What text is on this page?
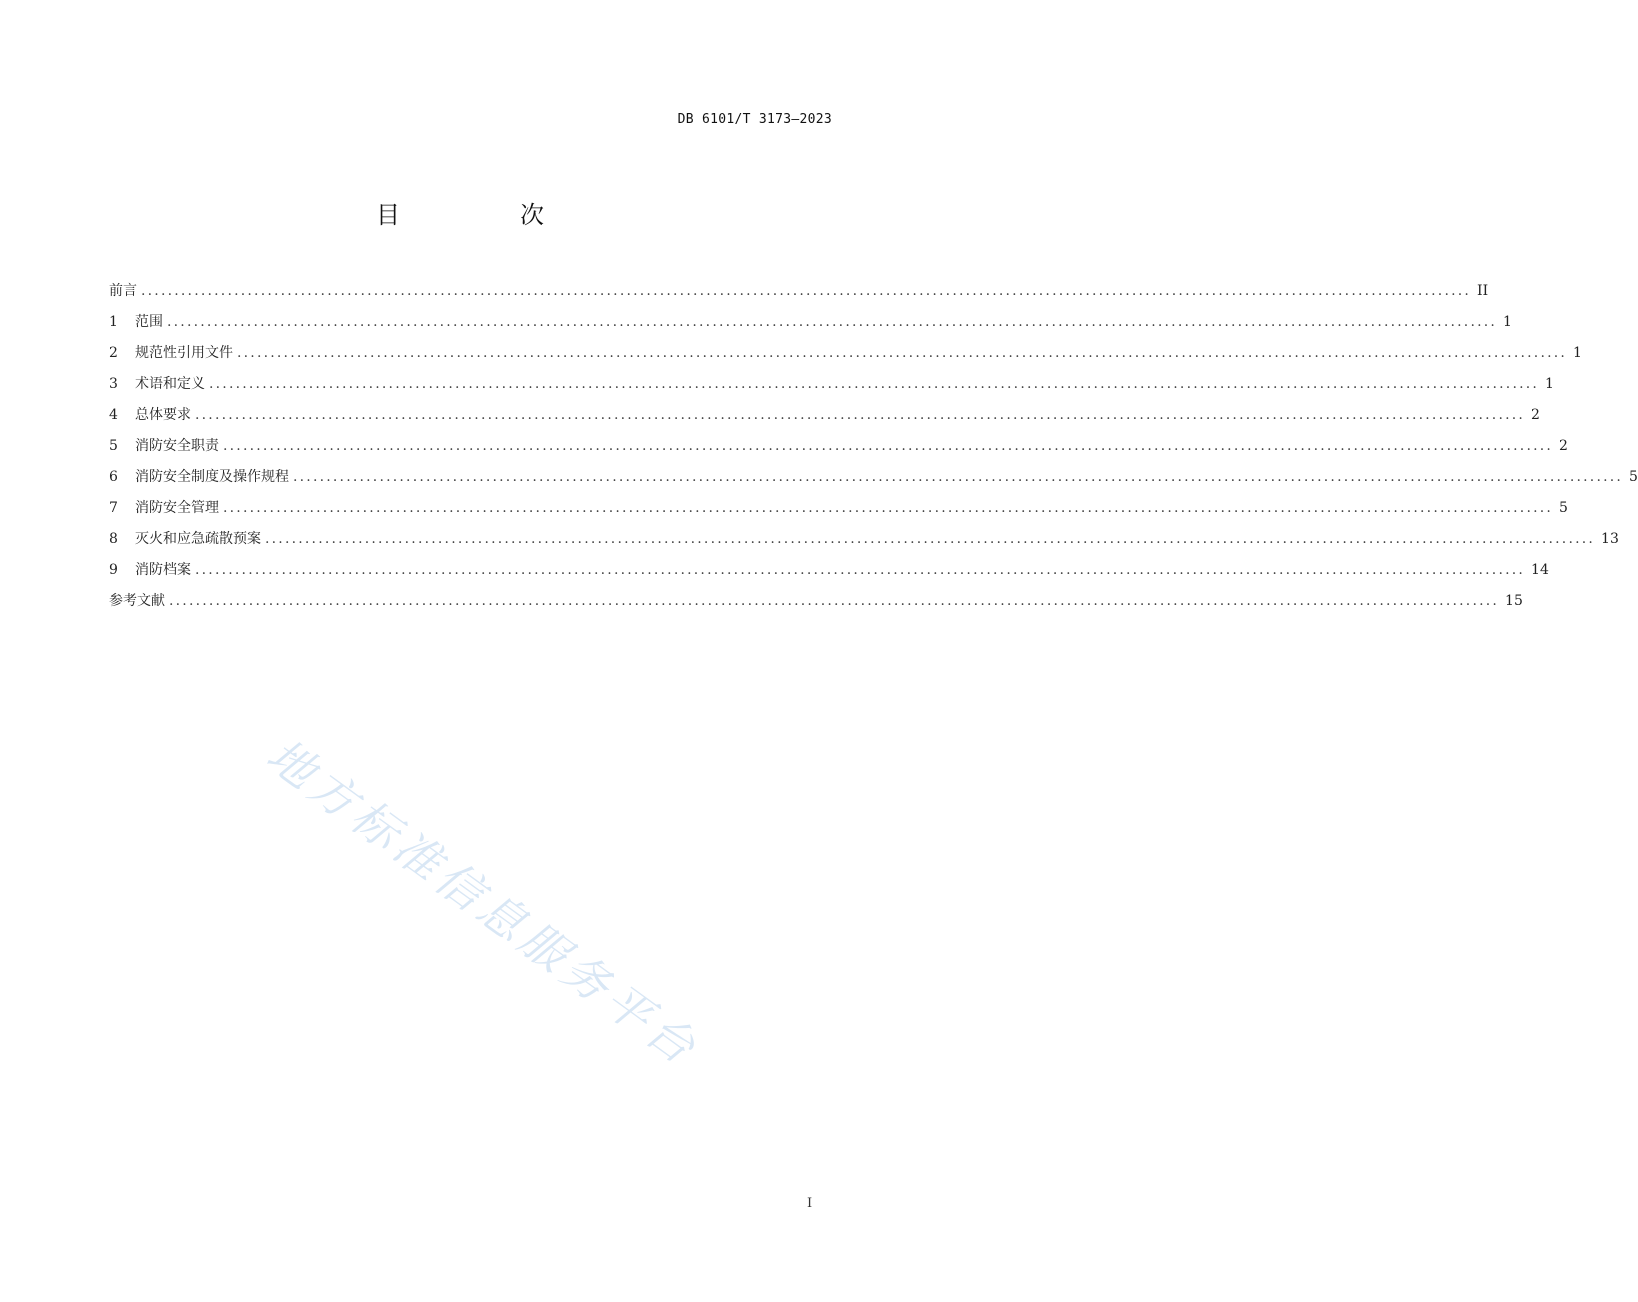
DB 6101/T 3173—2023
目　次
前言 ........................................................................................................................................................................................................ II
1	范围 ........................................................................................................................................................................................................ 1
2	规范性引用文件 ........................................................................................................................................................................................................ 1
3	术语和定义 ........................................................................................................................................................................................................ 1
4	总体要求 ........................................................................................................................................................................................................ 2
5	消防安全职责 ........................................................................................................................................................................................................ 2
6	消防安全制度及操作规程 ........................................................................................................................................................................................................ 5
7	消防安全管理 ........................................................................................................................................................................................................ 5
8	灭火和应急疏散预案 ........................................................................................................................................................................................................ 13
9	消防档案 ........................................................................................................................................................................................................ 14
参考文献 ........................................................................................................................................................................................................ 15
地方标准信息服务平台
I
